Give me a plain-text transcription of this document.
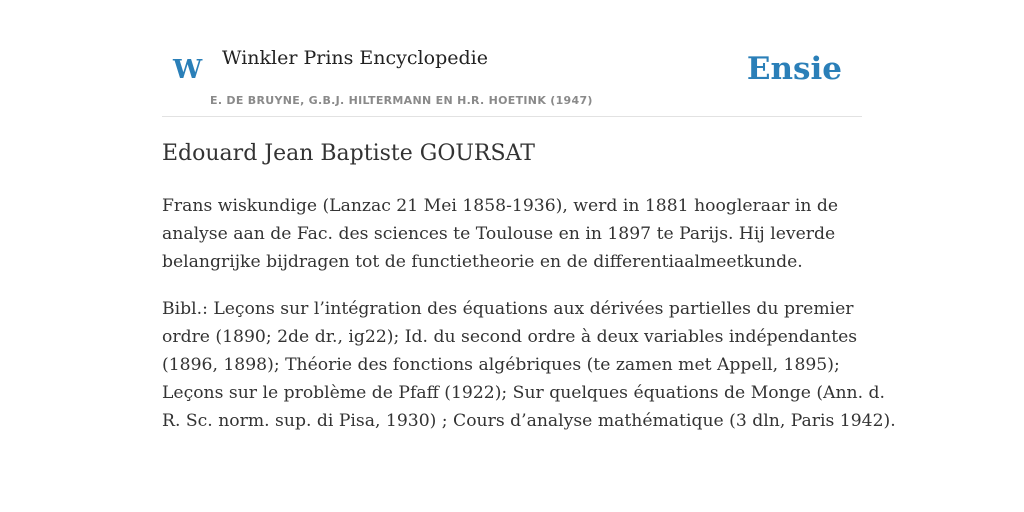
W Winkler Prins Encyclopedie
E. DE BRUYNE, G.B.J. HILTERMANN EN H.R. HOETINK (1947)
Ensie
Edouard Jean Baptiste GOURSAT

Frans wiskundige (Lanzac 21 Mei 1858-1936), werd in 1881 hoogleraar in de
analyse aan de Fac. des sciences te Toulouse en in 1897 te Parijs. Hij leverde
belangrijke bijdragen tot de functietheorie en de differentiaalmeetkunde.

Bibl.: Leçons sur l’intégration des équations aux dérivées partielles du premier
ordre (1890; 2de dr., ig22); Id. du second ordre à deux variables indépendantes
(1896, 1898); Théorie des fonctions algébriques (te zamen met Appell, 1895);
Leçons sur le problème de Pfaff (1922); Sur quelques équations de Monge (Ann. d.
R. Sc. norm. sup. di Pisa, 1930) ; Cours d’analyse mathématique (3 dln, Paris 1942).
